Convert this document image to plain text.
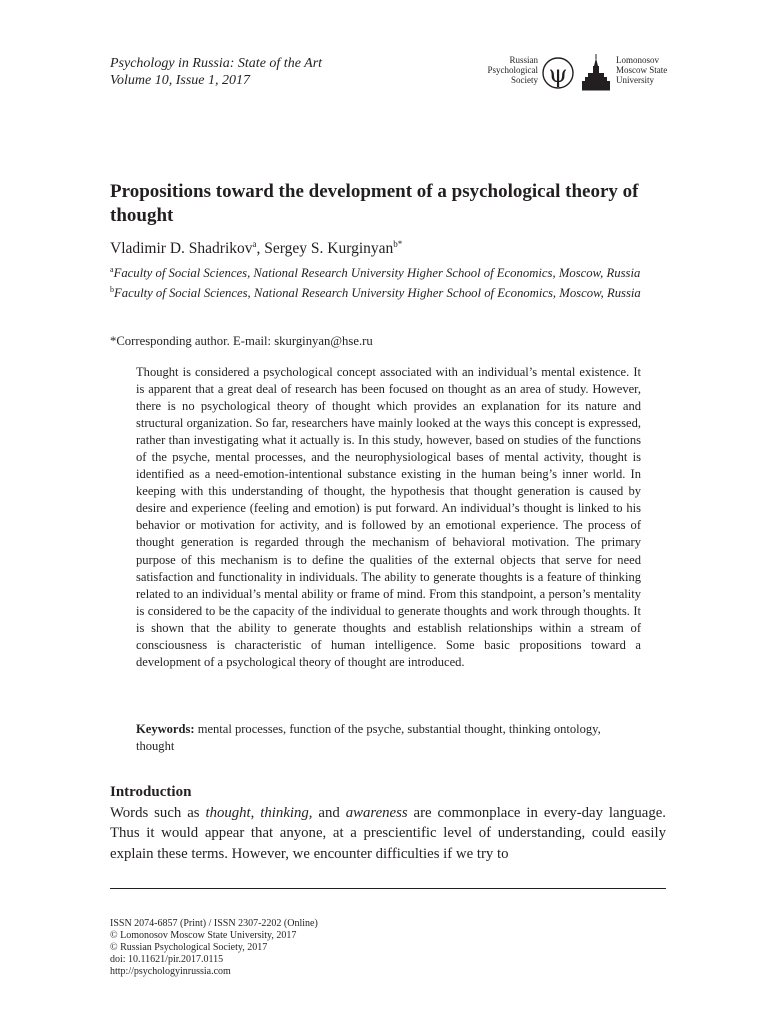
Psychology in Russia: State of the Art
Volume 10, Issue 1, 2017
Russian
Psychological
Society ψ	Lomonosov
Moscow State
University
Propositions toward the development of a psychological theory of thought
Vladimir D. Shadrikov$^a$, Sergey S. Kurginyan$^{b*}$
$^a$Faculty of Social Sciences, National Research University Higher School of Economics, Moscow, Russia
$^b$Faculty of Social Sciences, National Research University Higher School of Economics, Moscow, Russia
*Corresponding author. E-mail: skurginyan@hse.ru

Thought is considered a psychological concept associated with an individual’s mental existence. It is apparent that a great deal of research has been focused on thought as an area of study. However, there is no psychological theory of thought which provides an explanation for its nature and structural organization. So far, researchers have mainly looked at the ways this concept is expressed, rather than investigating what it actually is. In this study, however, based on studies of the functions of the psyche, mental processes, and the neurophysiological bases of mental activity, thought is identified as a need-emotion-intentional substance existing in the human being’s inner world. In keeping with this understanding of thought, the hypothesis that thought generation is caused by desire and experience (feeling and emotion) is put forward. An individual’s thought is linked to his behavior or motivation for activity, and is followed by an emotional experience. The process of thought generation is regarded through the mechanism of behavioral motivation. The primary purpose of this mechanism is to define the qualities of the external objects that serve for need satisfaction and functionality in individuals. The ability to generate thoughts is a feature of thinking related to an individual’s mental ability or frame of mind. From this standpoint, a person’s mentality is considered to be the capacity of the individual to generate thoughts and work through thoughts. It is shown that the ability to generate thoughts and establish relationships within a stream of consciousness is characteristic of human intelligence. Some basic propositions toward a development of a psychological theory of thought are introduced.

Keywords: mental processes, function of the psyche, substantial thought, thinking ontology, thought

Introduction

Words such as thought, thinking, and awareness are commonplace in every-day language. Thus it would appear that anyone, at a prescientific level of understanding, could easily explain these terms. However, we encounter difficulties if we try to

ISSN 2074-6857 (Print) / ISSN 2307-2202 (Online)
© Lomonosov Moscow State University, 2017
© Russian Psychological Society, 2017
doi: 10.11621/pir.2017.0115
http://psychologyinrussia.com
